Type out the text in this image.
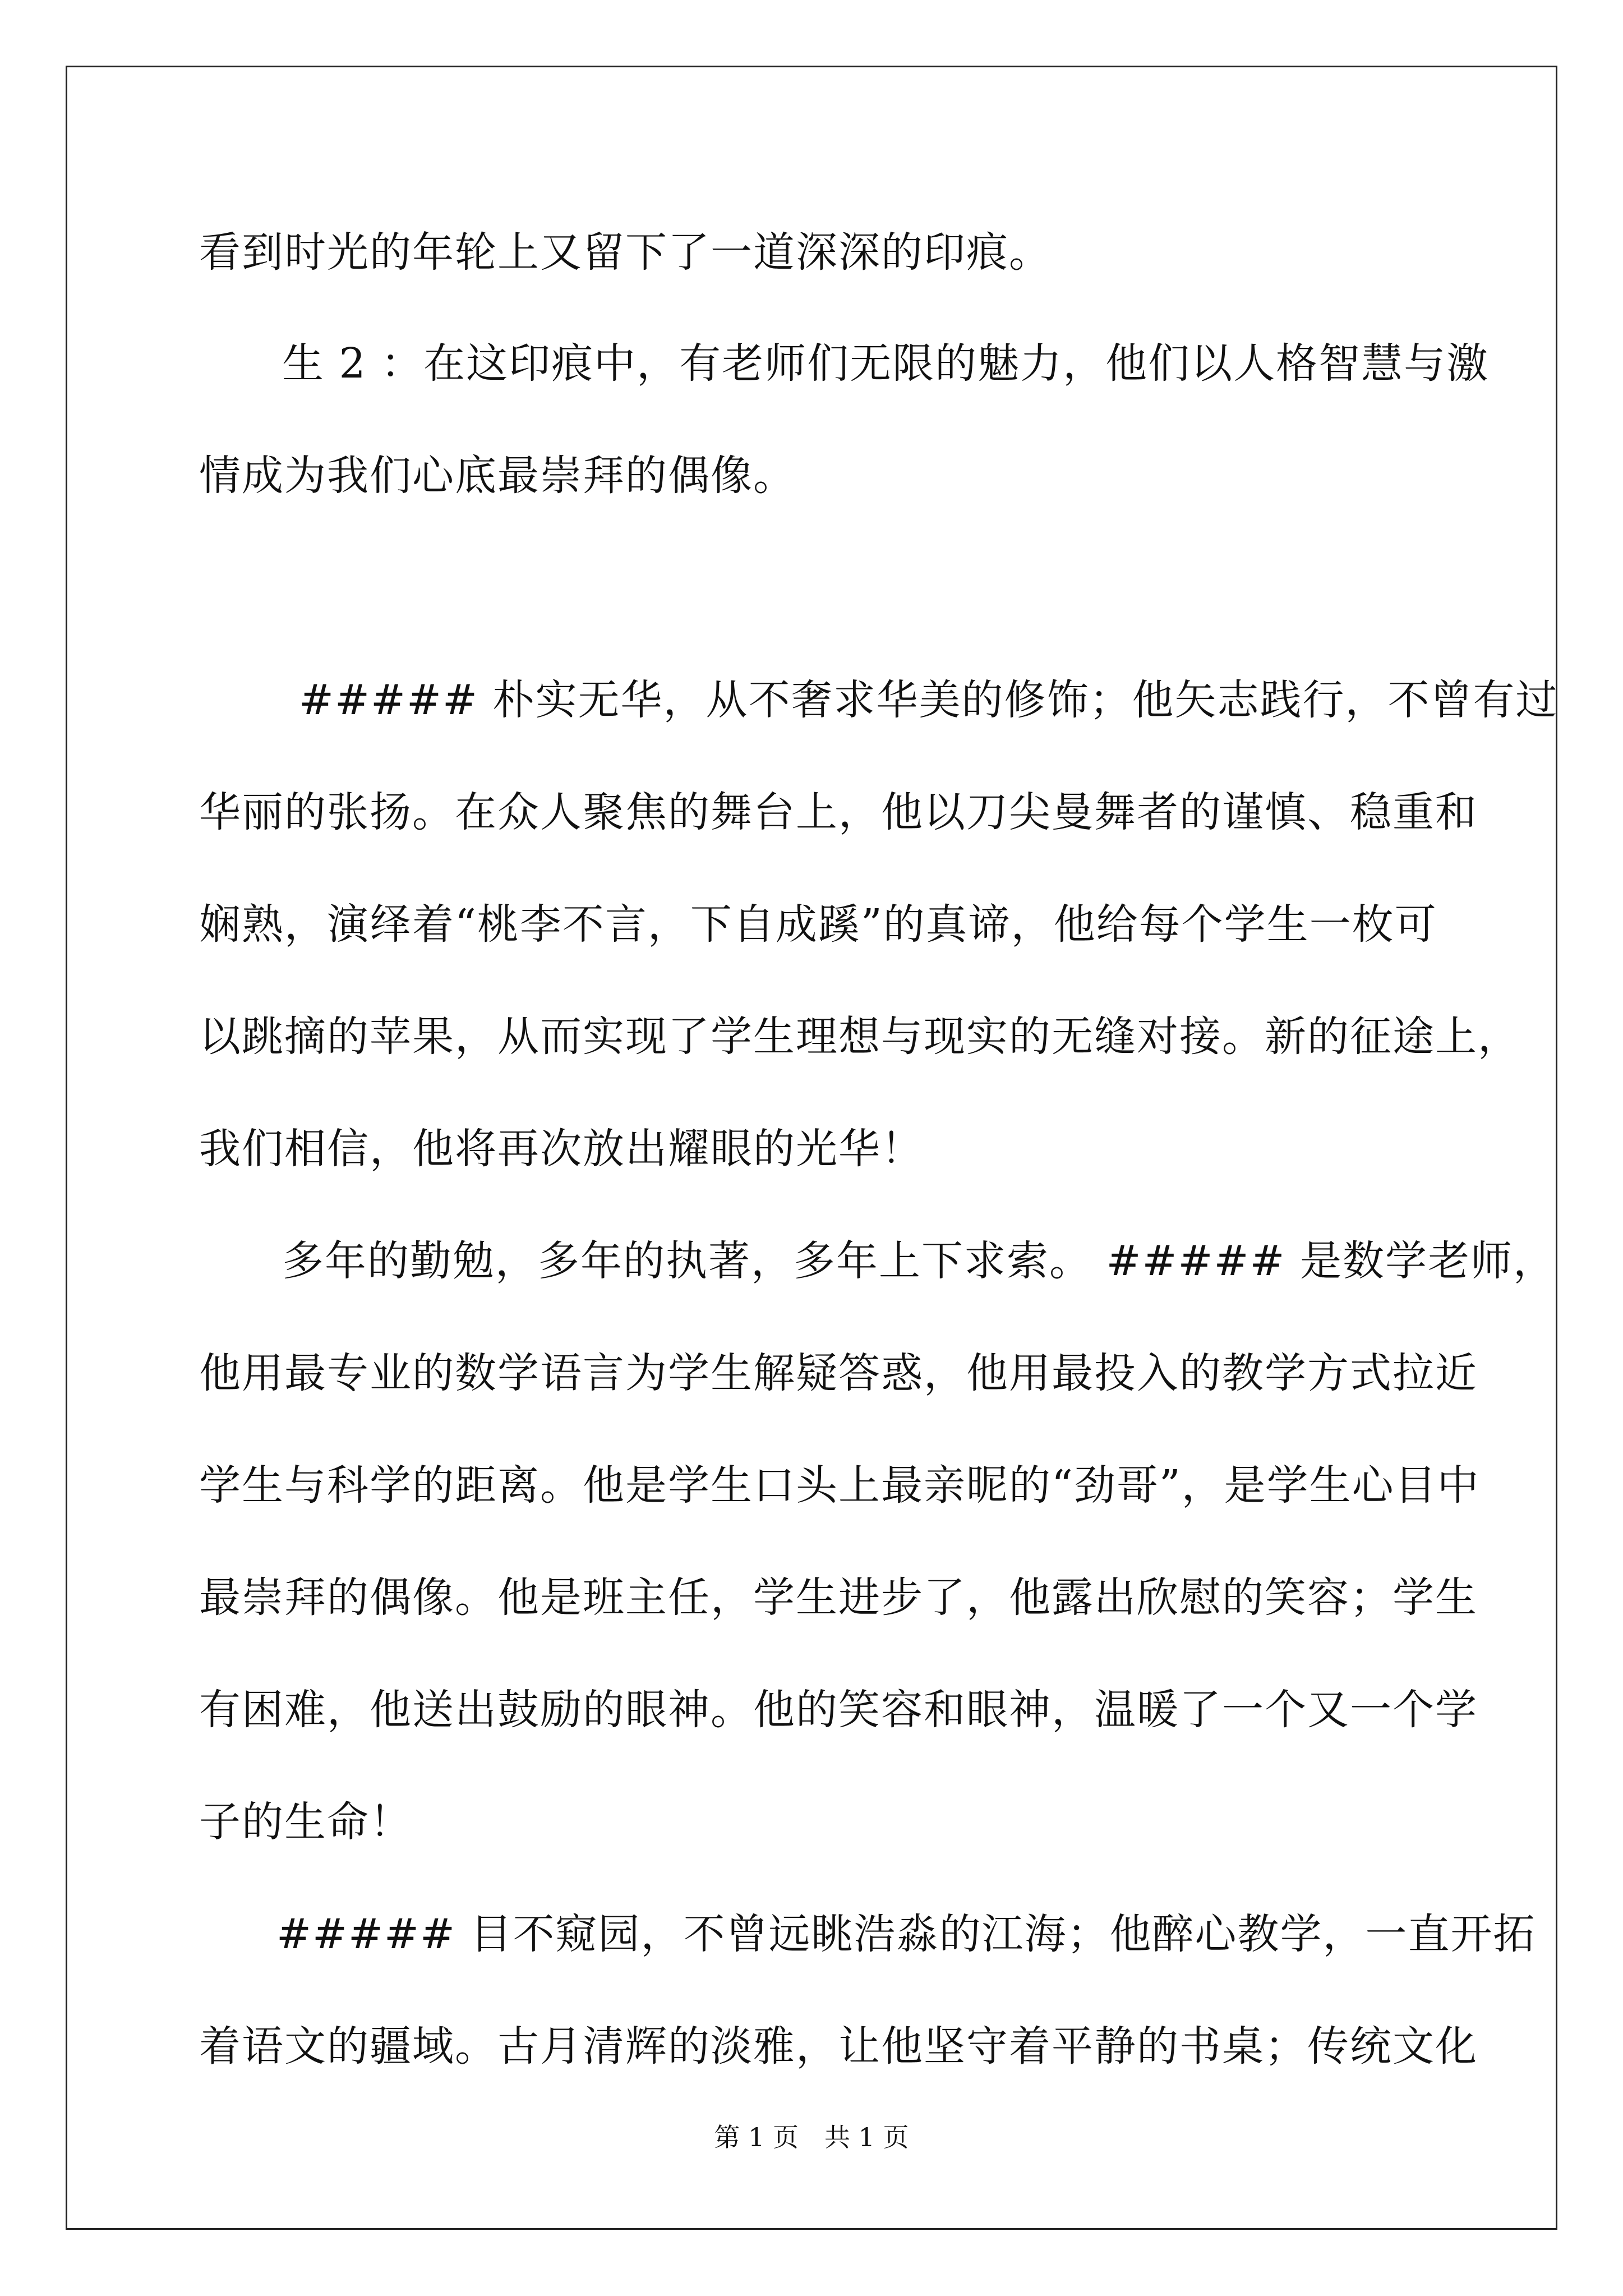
看到时光的年轮上又留下了一道深深的印痕。
生 2 ：在这印痕中，有老师们无限的魅力，他们以人格智慧与激
情成为我们心底最崇拜的偶像。
##### 朴实无华，从不奢求华美的修饰；他矢志践行，不曾有过
华丽的张扬。在众人聚焦的舞台上，他以刀尖曼舞者的谨慎、稳重和
娴熟，演绎着“桃李不言，下自成蹊”的真谛，他给每个学生一枚可
以跳摘的苹果，从而实现了学生理想与现实的无缝对接。新的征途上，
我们相信，他将再次放出耀眼的光华！
多年的勤勉，多年的执著，多年上下求索。 ##### 是数学老师，
他用最专业的数学语言为学生解疑答惑，他用最投入的教学方式拉近
学生与科学的距离。他是学生口头上最亲昵的“劲哥”，是学生心目中
最崇拜的偶像。他是班主任，学生进步了，他露出欣慰的笑容；学生
有困难，他送出鼓励的眼神。他的笑容和眼神，温暖了一个又一个学
子的生命！
##### 目不窥园，不曾远眺浩淼的江海；他醉心教学，一直开拓
着语文的疆域。古月清辉的淡雅，让他坚守着平静的书桌；传统文化
第 1 页　共 1 页
